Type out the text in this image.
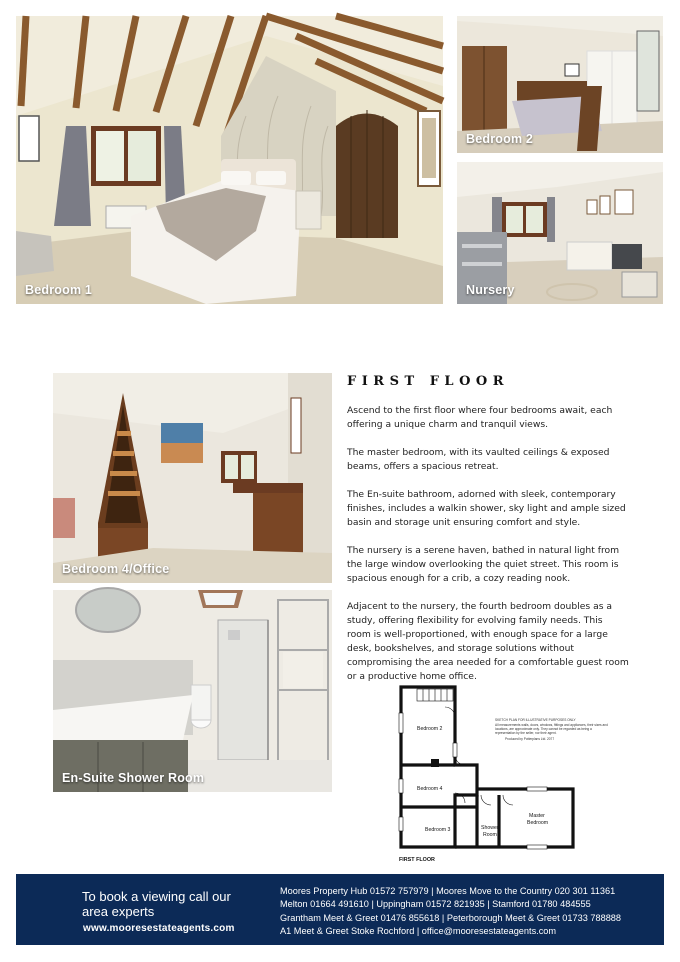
Bedroom 1
Bedroom 2
Nursery
Bedroom 4/Office
En-Suite Shower Room
FIRST FLOOR

Ascend to the first floor where four bedrooms await, each offering a unique charm and tranquil views.

The master bedroom, with its vaulted ceilings & exposed beams, offers a spacious retreat.

The En-suite bathroom, adorned with sleek, contemporary finishes, includes a walkin shower, sky light and ample sized basin and storage unit ensuring comfort and style.

The nursery is a serene haven, bathed in natural light from the large window overlooking the quiet street. This room is spacious enough for a crib, a cozy reading nook.

Adjacent to the nursery, the fourth bedroom doubles as a study, offering flexibility for evolving family needs. This room is well-proportioned, with enough space for a large desk, bookshelves, and storage solutions without compromising the area needed for a comfortable guest room or a productive home office.

Bedroom 2
Bedroom 4
Bedroom 3	Shower
Room
Master
Bedroom
SKETCH PLAN FOR ILLUSTRATIVE PURPOSES ONLY
All measurements walls, doors, windows, fittings and appliances, their sizes and
locations, are approximate only. They cannot be regarded as being a
representation by the seller, nor their agent.
Produced by Potterplans Ltd. 2077
FIRST FLOOR
To book a viewing call our
area experts
www.mooresestateagents.com
Moores Property Hub 01572 757979 | Moores Move to the Country 020 301 11361
Melton 01664 491610 | Uppingham 01572 821935 | Stamford 01780 484555
Grantham Meet & Greet 01476 855618 | Peterborough Meet & Greet 01733 788888
A1 Meet & Greet Stoke Rochford | office@mooresestateagents.com
